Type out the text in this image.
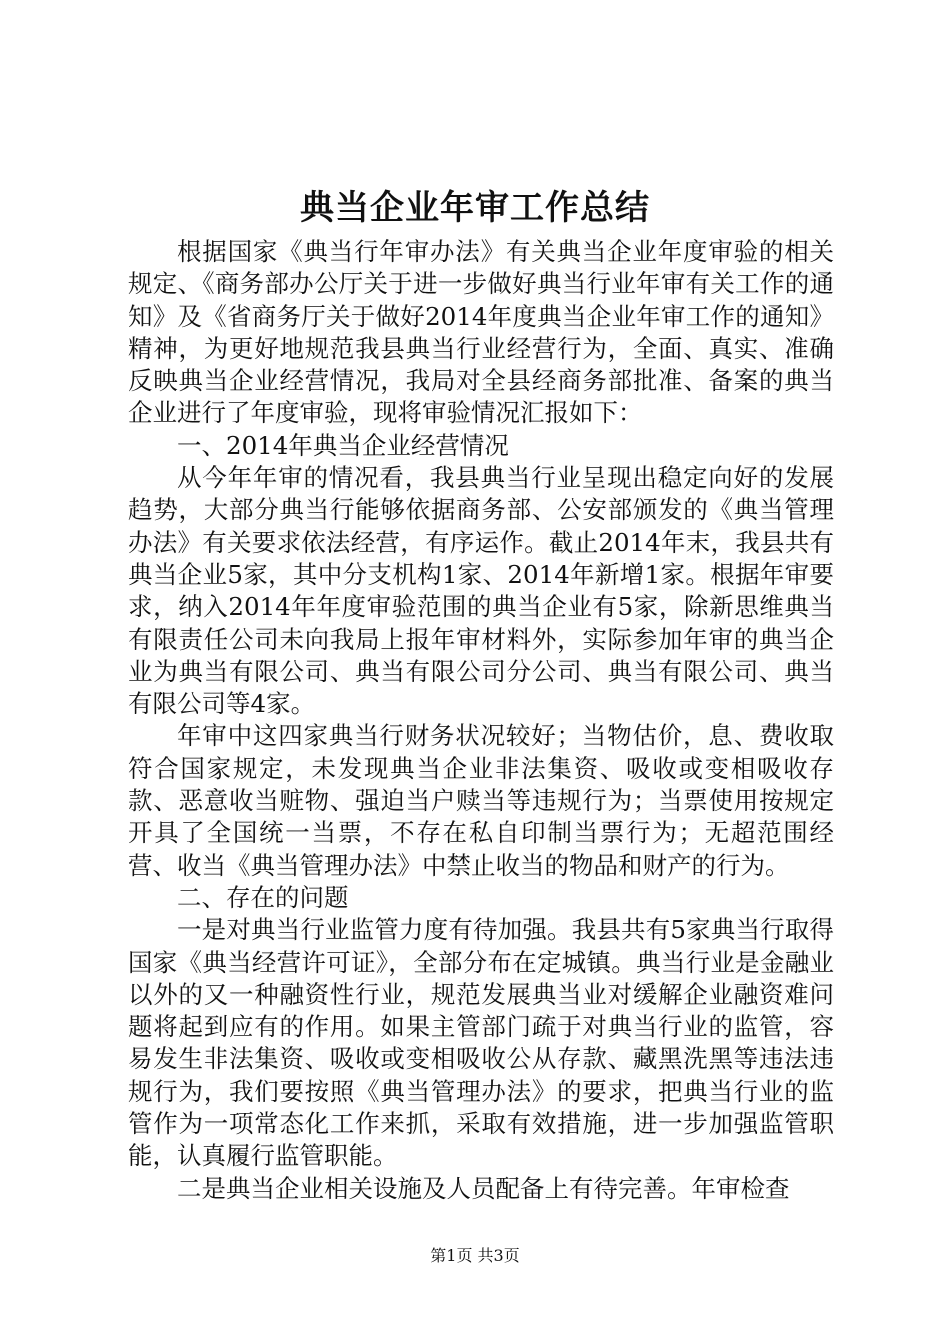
典当企业年审工作总结

根据国家《典当行年审办法》有关典当企业年度审验的相关规定、《商务部办公厅关于进一步做好典当行业年审有关工作的通知》及《省商务厅关于做好2014年度典当企业年审工作的通知》精神，为更好地规范我县典当行业经营行为，全面、真实、准确反映典当企业经营情况，我局对全县经商务部批准、备案的典当企业进行了年度审验，现将审验情况汇报如下：

一、2014年典当企业经营情况

从今年年审的情况看，我县典当行业呈现出稳定向好的发展趋势，大部分典当行能够依据商务部、公安部颁发的《典当管理办法》有关要求依法经营，有序运作。截止2014年末，我县共有典当企业5家，其中分支机构1家、2014年新增1家。根据年审要求，纳入2014年年度审验范围的典当企业有5家，除新思维典当有限责任公司未向我局上报年审材料外，实际参加年审的典当企业为典当有限公司、典当有限公司分公司、典当有限公司、典当有限公司等4家。

年审中这四家典当行财务状况较好；当物估价，息、费收取符合国家规定，未发现典当企业非法集资、吸收或变相吸收存款、恶意收当赃物、强迫当户赎当等违规行为；当票使用按规定开具了全国统一当票，不存在私自印制当票行为；无超范围经营、收当《典当管理办法》中禁止收当的物品和财产的行为。

二、存在的问题

一是对典当行业监管力度有待加强。我县共有5家典当行取得国家《典当经营许可证》，全部分布在定城镇。典当行业是金融业以外的又一种融资性行业，规范发展典当业对缓解企业融资难问题将起到应有的作用。如果主管部门疏于对典当行业的监管，容易发生非法集资、吸收或变相吸收公从存款、藏黑洗黑等违法违规行为，我们要按照《典当管理办法》的要求，把典当行业的监管作为一项常态化工作来抓，采取有效措施，进一步加强监管职能，认真履行监管职能。

二是典当企业相关设施及人员配备上有待完善。年审检查

第1页 共3页
